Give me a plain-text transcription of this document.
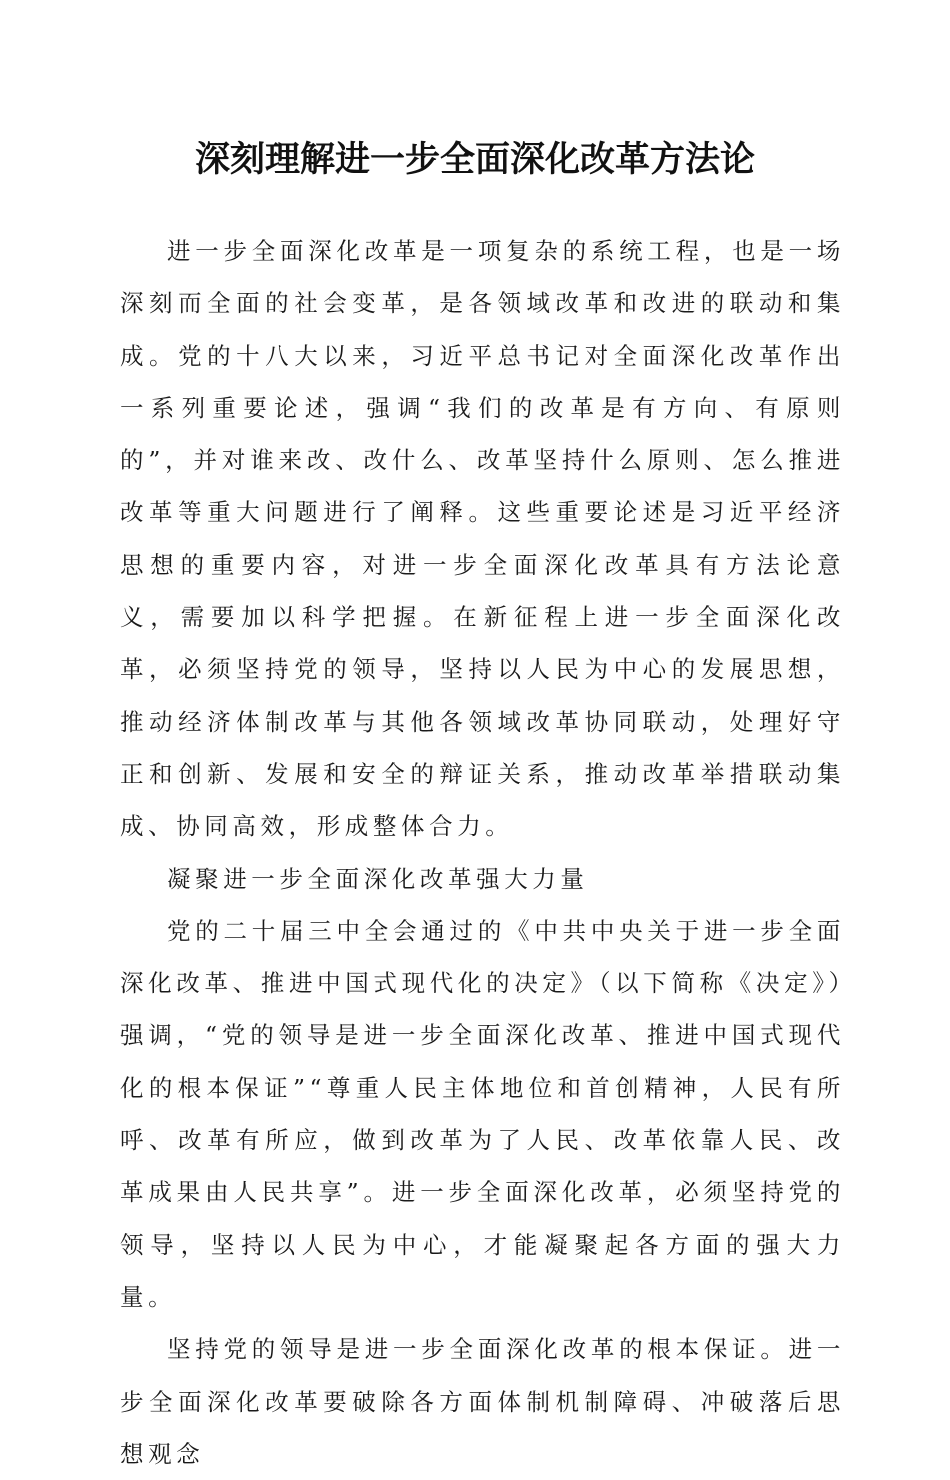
深刻理解进一步全面深化改革方法论

进一步全面深化改革是一项复杂的系统工程，也是一场深刻而全面的社会变革，是各领域改革和改进的联动和集成。党的十八大以来，习近平总书记对全面深化改革作出一系列重要论述，强调“我们的改革是有方向、有原则的”，并对谁来改、改什么、改革坚持什么原则、怎么推进改革等重大问题进行了阐释。这些重要论述是习近平经济思想的重要内容，对进一步全面深化改革具有方法论意义，需要加以科学把握。在新征程上进一步全面深化改革，必须坚持党的领导，坚持以人民为中心的发展思想，推动经济体制改革与其他各领域改革协同联动，处理好守正和创新、发展和安全的辩证关系，推动改革举措联动集成、协同高效，形成整体合力。

凝聚进一步全面深化改革强大力量

党的二十届三中全会通过的《中共中央关于进一步全面深化改革、推进中国式现代化的决定》（以下简称《决定》）强调，“党的领导是进一步全面深化改革、推进中国式现代化的根本保证”“尊重人民主体地位和首创精神，人民有所呼、改革有所应，做到改革为了人民、改革依靠人民、改革成果由人民共享”。进一步全面深化改革，必须坚持党的领导，坚持以人民为中心，才能凝聚起各方面的强大力量。

坚持党的领导是进一步全面深化改革的根本保证。进一步全面深化改革要破除各方面体制机制障碍、冲破落后思想观念
